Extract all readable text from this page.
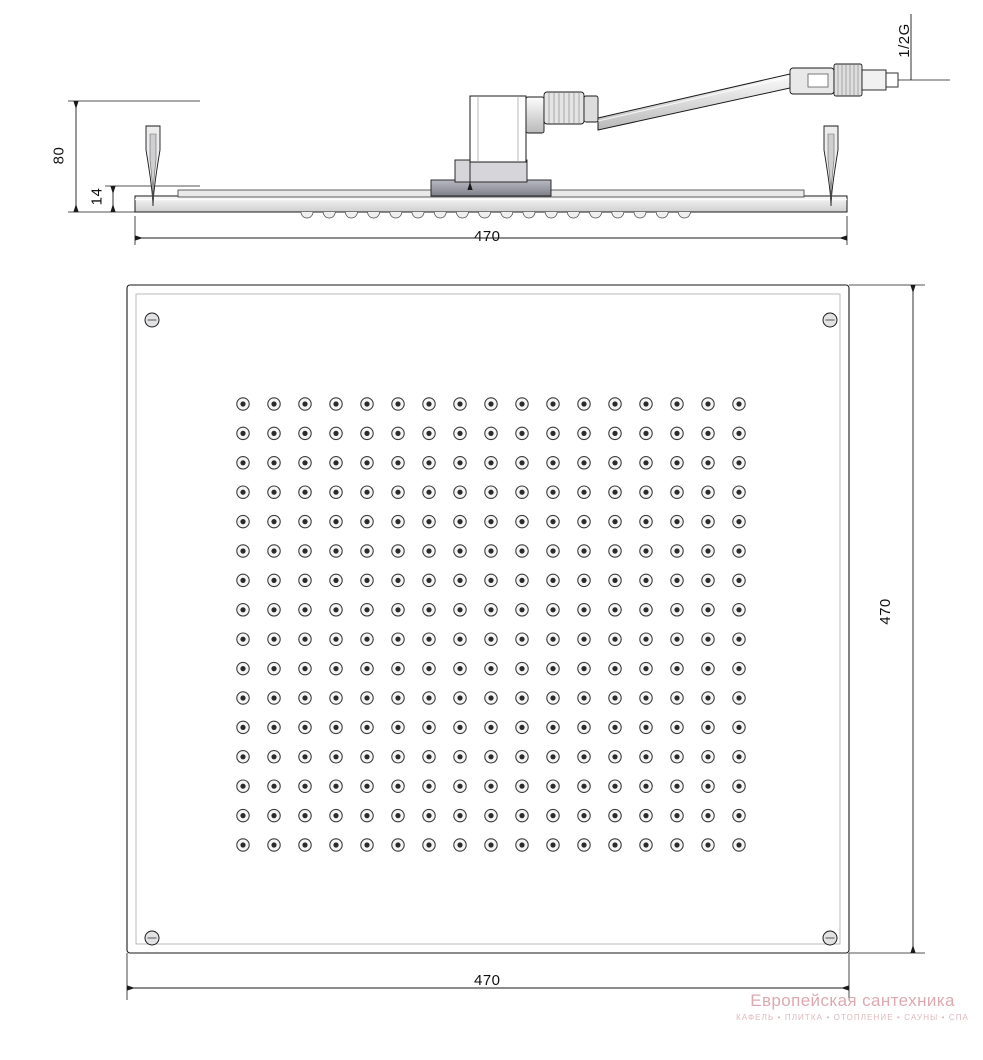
80
14
470
1/2G
470
470
Европейская сантехника
КАФЕЛЬ • ПЛИТКА • ОТОПЛЕНИЕ • САУНЫ • СПА
